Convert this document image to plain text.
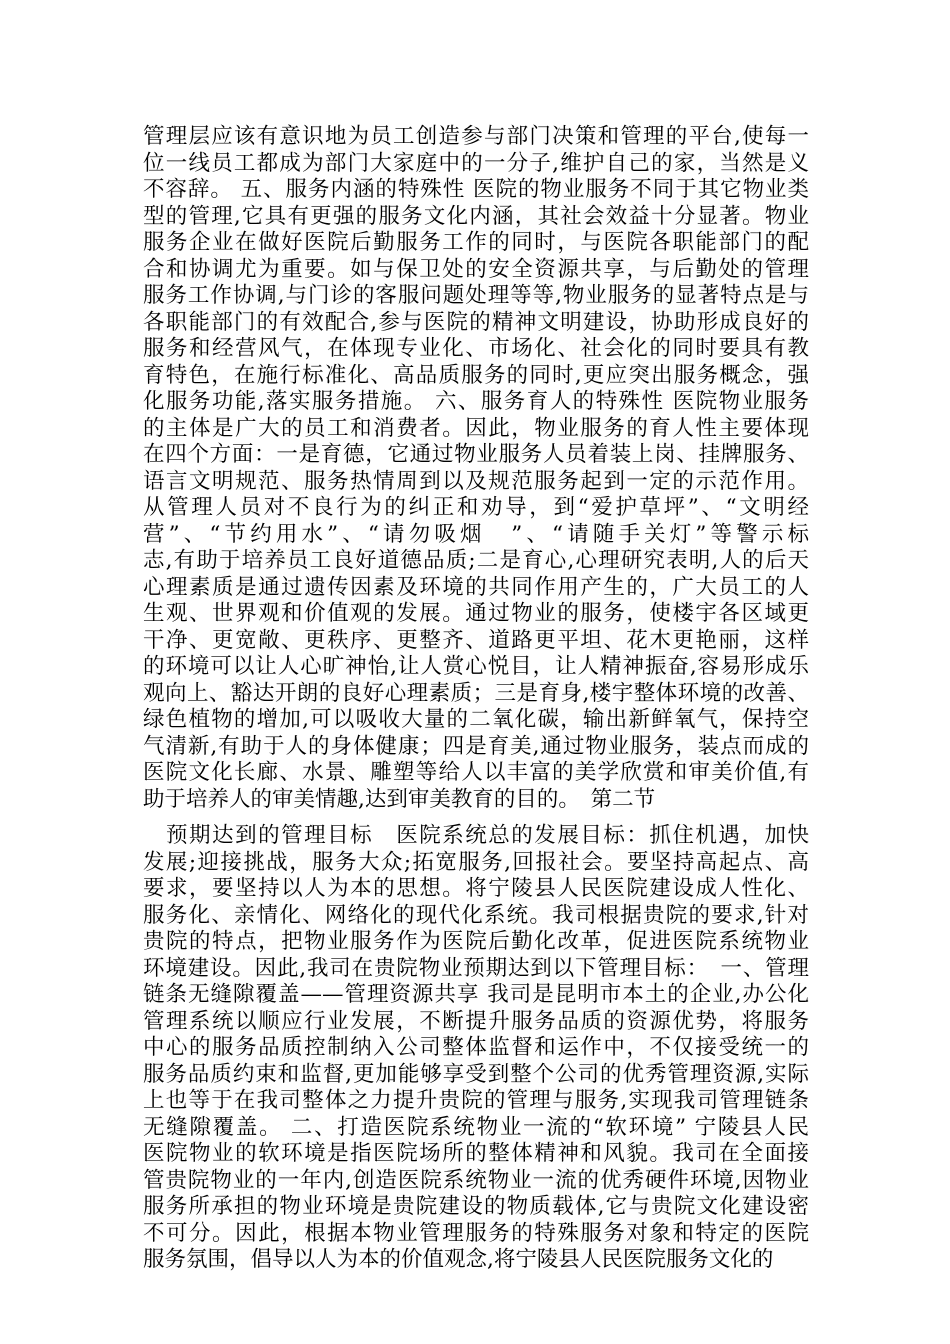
管理层应该有意识地为员工创造参与部门决策和管理的平台,使每一
位一线员工都成为部门大家庭中的一分子,维护自己的家，当然是义
不容辞。 五、服务内涵的特殊性 医院的物业服务不同于其它物业类
型的管理,它具有更强的服务文化内涵，其社会效益十分显著。物业
服务企业在做好医院后勤服务工作的同时，与医院各职能部门的配
合和协调尤为重要。如与保卫处的安全资源共享，与后勤处的管理
服务工作协调,与门诊的客服问题处理等等,物业服务的显著特点是与
各职能部门的有效配合,参与医院的精神文明建设，协助形成良好的
服务和经营风气，在体现专业化、市场化、社会化的同时要具有教
育特色，在施行标准化、高品质服务的同时,更应突出服务概念，强
化服务功能,落实服务措施。 六、服务育人的特殊性 医院物业服务
的主体是广大的员工和消费者。因此，物业服务的育人性主要体现
在四个方面：一是育德，它通过物业服务人员着装上岗、挂牌服务、
语言文明规范、服务热情周到以及规范服务起到一定的示范作用。
从管理人员对不良行为的纠正和劝导，到“爱护草坪”、“文明经
营”、“节约用水”、“请勿吸烟　”、“请随手关灯”等警示标
志,有助于培养员工良好道德品质;二是育心,心理研究表明,人的后天
心理素质是通过遗传因素及环境的共同作用产生的，广大员工的人
生观、世界观和价值观的发展。通过物业的服务，使楼宇各区域更
干净、更宽敞、更秩序、更整齐、道路更平坦、花木更艳丽，这样
的环境可以让人心旷神怡,让人赏心悦目，让人精神振奋,容易形成乐
观向上、豁达开朗的良好心理素质；三是育身,楼宇整体环境的改善、
绿色植物的增加,可以吸收大量的二氧化碳，输出新鲜氧气，保持空
气清新,有助于人的身体健康；四是育美,通过物业服务，装点而成的
医院文化长廊、水景、雕塑等给人以丰富的美学欣赏和审美价值,有
助于培养人的审美情趣,达到审美教育的目的。　第二节
　预期达到的管理目标　医院系统总的发展目标：抓住机遇，加快
发展;迎接挑战，服务大众;拓宽服务,回报社会。要坚持高起点、高
要求，要坚持以人为本的思想。将宁陵县人民医院建设成人性化、
服务化、亲情化、网络化的现代化系统。我司根据贵院的要求,针对
贵院的特点，把物业服务作为医院后勤化改革，促进医院系统物业
环境建设。因此,我司在贵院物业预期达到以下管理目标：　一、管理
链条无缝隙覆盖——管理资源共享 我司是昆明市本土的企业,办公化
管理系统以顺应行业发展，不断提升服务品质的资源优势，将服务
中心的服务品质控制纳入公司整体监督和运作中，不仅接受统一的
服务品质约束和监督,更加能够享受到整个公司的优秀管理资源,实际
上也等于在我司整体之力提升贵院的管理与服务,实现我司管理链条
无缝隙覆盖。 二、打造医院系统物业一流的“软环境” 宁陵县人民
医院物业的软环境是指医院场所的整体精神和风貌。我司在全面接
管贵院物业的一年内,创造医院系统物业一流的优秀硬件环境,因物业
服务所承担的物业环境是贵院建设的物质载体,它与贵院文化建设密
不可分。因此，根据本物业管理服务的特殊服务对象和特定的医院
服务氛围，倡导以人为本的价值观念,将宁陵县人民医院服务文化的
